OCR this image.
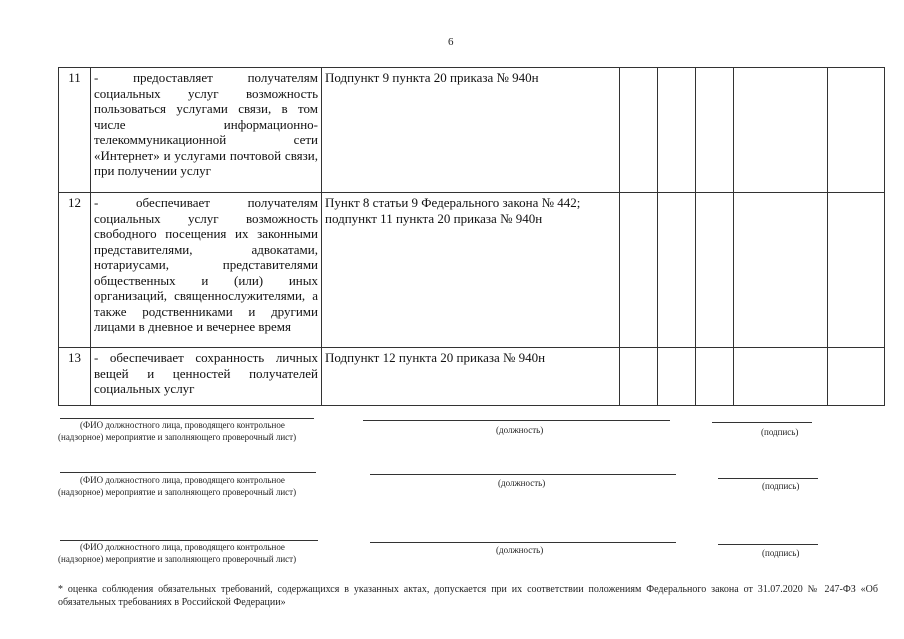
6
11	- предоставляет получателям социальных услуг возможность пользоваться услугами связи, в том числе информационно-телекоммуникационной сети «Интернет» и услугами почтовой связи, при получении услуг	Подпункт 9 пункта 20 приказа № 940н					
12	- обеспечивает получателям социальных услуг возможность свободного посещения их законными представителями, адвокатами, нотариусами, представителями общественных и (или) иных организаций, священнослужителями, а также родственниками и другими лицами в дневное и вечернее время	Пункт 8 статьи 9 Федерального закона № 442; подпункт 11 пункта 20 приказа № 940н					
13	- обеспечивает сохранность личных вещей и ценностей получателей социальных услуг	Подпункт 12 пункта 20 приказа № 940н					
(ФИО должностного лица, проводящего контрольное
(надзорное) мероприятие и заполняющего проверочный лист)
(должность)	(подпись)
(ФИО должностного лица, проводящего контрольное
(надзорное) мероприятие и заполняющего проверочный лист)
(должность)	(подпись)
(ФИО должностного лица, проводящего контрольное
(надзорное) мероприятие и заполняющего проверочный лист)
(должность)	(подпись)
* оценка соблюдения обязательных требований, содержащихся в указанных актах, допускается при их соответствии положениям Федерального закона от 31.07.2020 № 247-ФЗ «Об обязательных требованиях в Российской Федерации»
